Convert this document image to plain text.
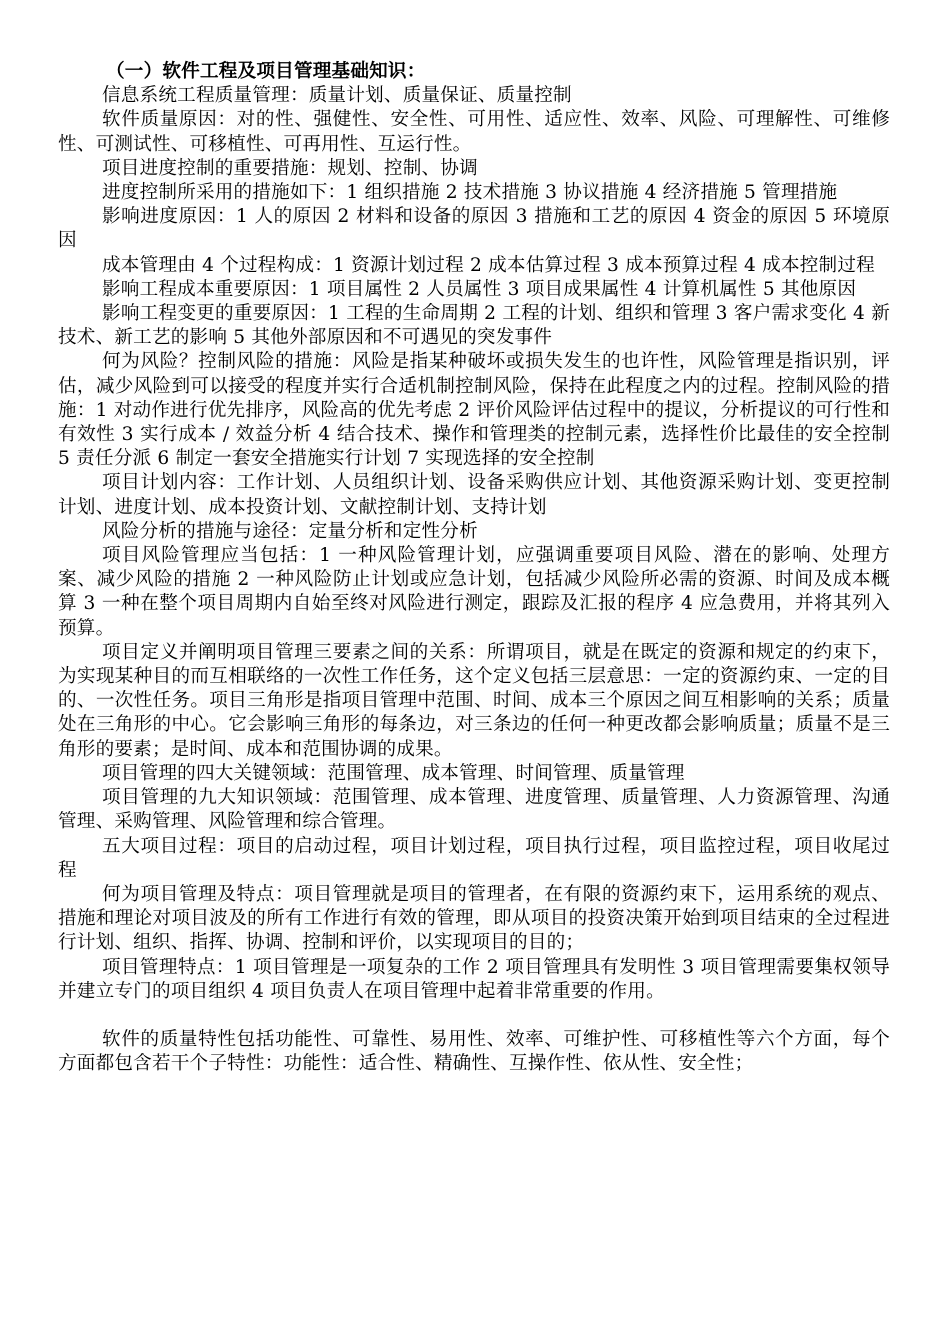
（一）软件工程及项目管理基础知识：

信息系统工程质量管理：质量计划、质量保证、质量控制

软件质量原因：对的性、强健性、安全性、可用性、适应性、效率、风险、可理解性、可维修性、可测试性、可移植性、可再用性、互运行性。

项目进度控制的重要措施：规划、控制、协调

进度控制所采用的措施如下：1 组织措施 2 技术措施 3 协议措施 4 经济措施 5 管理措施

影响进度原因：1 人的原因 2 材料和设备的原因 3 措施和工艺的原因 4 资金的原因 5 环境原因

成本管理由 4 个过程构成：1 资源计划过程 2 成本估算过程 3 成本预算过程 4 成本控制过程

影响工程成本重要原因：1 项目属性 2 人员属性 3 项目成果属性 4 计算机属性 5 其他原因

影响工程变更的重要原因：1 工程的生命周期 2 工程的计划、组织和管理 3 客户需求变化 4 新技术、新工艺的影响 5 其他外部原因和不可遇见的突发事件

何为风险？控制风险的措施：风险是指某种破坏或损失发生的也许性，风险管理是指识别，评估，减少风险到可以接受的程度并实行合适机制控制风险，保持在此程度之内的过程。控制风险的措施：1 对动作进行优先排序，风险高的优先考虑 2 评价风险评估过程中的提议，分析提议的可行性和有效性 3 实行成本 / 效益分析 4 结合技术、操作和管理类的控制元素，选择性价比最佳的安全控制 5 责任分派 6 制定一套安全措施实行计划 7 实现选择的安全控制

项目计划内容：工作计划、人员组织计划、设备采购供应计划、其他资源采购计划、变更控制计划、进度计划、成本投资计划、文献控制计划、支持计划

风险分析的措施与途径：定量分析和定性分析

项目风险管理应当包括：1 一种风险管理计划，应强调重要项目风险、潜在的影响、处理方案、减少风险的措施 2 一种风险防止计划或应急计划，包括减少风险所必需的资源、时间及成本概算 3 一种在整个项目周期内自始至终对风险进行测定，跟踪及汇报的程序 4 应急费用，并将其列入预算。

项目定义并阐明项目管理三要素之间的关系：所谓项目，就是在既定的资源和规定的约束下，为实现某种目的而互相联络的一次性工作任务，这个定义包括三层意思：一定的资源约束、一定的目的、一次性任务。项目三角形是指项目管理中范围、时间、成本三个原因之间互相影响的关系；质量处在三角形的中心。它会影响三角形的每条边，对三条边的任何一种更改都会影响质量；质量不是三角形的要素；是时间、成本和范围协调的成果。

项目管理的四大关键领域：范围管理、成本管理、时间管理、质量管理

项目管理的九大知识领域：范围管理、成本管理、进度管理、质量管理、人力资源管理、沟通管理、采购管理、风险管理和综合管理。

五大项目过程：项目的启动过程，项目计划过程，项目执行过程，项目监控过程，项目收尾过程

何为项目管理及特点：项目管理就是项目的管理者，在有限的资源约束下，运用系统的观点、措施和理论对项目波及的所有工作进行有效的管理，即从项目的投资决策开始到项目结束的全过程进行计划、组织、指挥、协调、控制和评价，以实现项目的目的；

项目管理特点：1 项目管理是一项复杂的工作 2 项目管理具有发明性 3 项目管理需要集权领导并建立专门的项目组织 4 项目负责人在项目管理中起着非常重要的作用。

软件的质量特性包括功能性、可靠性、易用性、效率、可维护性、可移植性等六个方面，每个方面都包含若干个子特性：功能性：适合性、精确性、互操作性、依从性、安全性；
